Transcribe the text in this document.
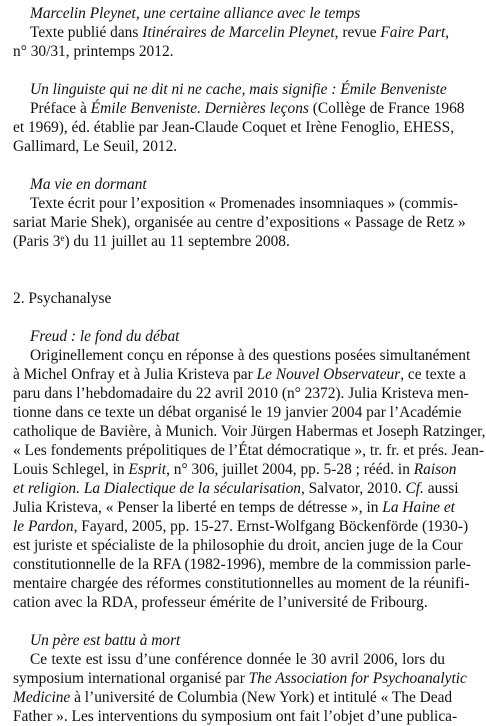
Marcelin Pleynet, une certaine alliance avec le temps
Texte publié dans Itinéraires de Marcelin Pleynet, revue Faire Part,
n° 30/31, printemps 2012.
Un linguiste qui ne dit ni ne cache, mais signifie : Émile Benveniste
Préface à Émile Benveniste. Dernières leçons (Collège de France 1968
et 1969), éd. établie par Jean-Claude Coquet et Irène Fenoglio, EHESS,
Gallimard, Le Seuil, 2012.
Ma vie en dormant
Texte écrit pour l’exposition « Promenades insomniaques » (commis-
sariat Marie Shek), organisée au centre d’expositions « Passage de Retz »
(Paris 3e) du 11 juillet au 11 septembre 2008.
2. Psychanalyse
Freud : le fond du débat
Originellement conçu en réponse à des questions posées simultanément
à Michel Onfray et à Julia Kristeva par Le Nouvel Observateur, ce texte a
paru dans l’hebdomadaire du 22 avril 2010 (n° 2372). Julia Kristeva men-
tionne dans ce texte un débat organisé le 19 janvier 2004 par l’Académie
catholique de Bavière, à Munich. Voir Jürgen Habermas et Joseph Ratzinger,
« Les fondements prépolitiques de l’État démocratique », tr. fr. et prés. Jean-
Louis Schlegel, in Esprit, n° 306, juillet 2004, pp. 5-28 ; rééd. in Raison
et religion. La Dialectique de la sécularisation, Salvator, 2010. Cf. aussi
Julia Kristeva, « Penser la liberté en temps de détresse », in La Haine et
le Pardon, Fayard, 2005, pp. 15-27. Ernst-Wolfgang Böckenförde (1930-)
est juriste et spécialiste de la philosophie du droit, ancien juge de la Cour
constitutionnelle de la RFA (1982-1996), membre de la commission parle-
mentaire chargée des réformes constitutionnelles au moment de la réunifi-
cation avec la RDA, professeur émérite de l’université de Fribourg.
Un père est battu à mort
Ce texte est issu d’une conférence donnée le 30 avril 2006, lors du
symposium international organisé par The Association for Psychoanalytic
Medicine à l’université de Columbia (New York) et intitulé « The Dead
Father ». Les interventions du symposium ont fait l’objet d’une publica-
